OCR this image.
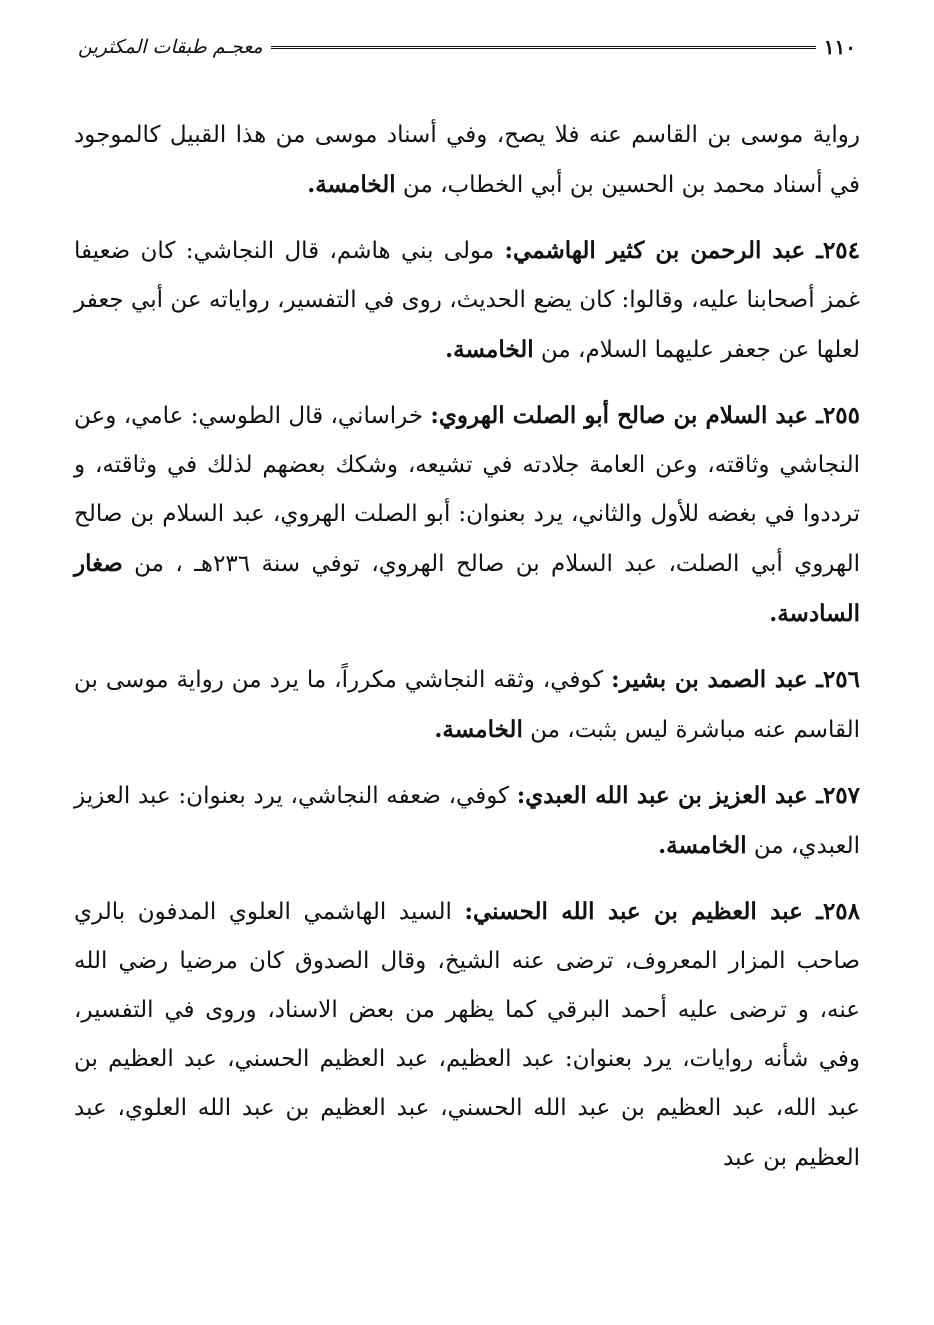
١١٠
معجـم طبقات المكثرين

رواية موسى بن القاسم عنه فلا يصح، وفي أسناد موسى من هذا القبيل كالموجود في أسناد محمد بن الحسين بن أبي الخطاب، من الخامسة.

٢٥٤ـ عبد الرحمن بن كثير الهاشمي: مولى بني هاشم، قال النجاشي: كان ضعيفا غمز أصحابنا عليه، وقالوا: كان يضع الحديث، روى في التفسير، رواياته عن أبي جعفر لعلها عن جعفر عليهما السلام، من الخامسة.

٢٥٥ـ عبد السلام بن صالح أبو الصلت الهروي: خراساني، قال الطوسي: عامي، وعن النجاشي وثاقته، وعن العامة جلادته في تشيعه، وشكك بعضهم لذلك في وثاقته، و ترددوا في بغضه للأول والثاني، يرد بعنوان: أبو الصلت الهروي، عبد السلام بن صالح الهروي أبي الصلت، عبد السلام بن صالح الهروي، توفي سنة ٢٣٦هـ ، من صغار السادسة.

٢٥٦ـ عبد الصمد بن بشير: كوفي، وثقه النجاشي مكرراً، ما يرد من رواية موسى بن القاسم عنه مباشرة ليس بثبت، من الخامسة.

٢٥٧ـ عبد العزيز بن عبد الله العبدي: كوفي، ضعفه النجاشي، يرد بعنوان: عبد العزيز العبدي، من الخامسة.

٢٥٨ـ عبد العظيم بن عبد الله الحسني: السيد الهاشمي العلوي المدفون بالري صاحب المزار المعروف، ترضى عنه الشيخ، وقال الصدوق كان مرضيا رضي الله عنه، و ترضى عليه أحمد البرقي كما يظهر من بعض الاسناد، وروى في التفسير، وفي شأنه روايات، يرد بعنوان: عبد العظيم، عبد العظيم الحسني، عبد العظيم بن عبد الله، عبد العظيم بن عبد الله الحسني، عبد العظيم بن عبد الله العلوي، عبد العظيم بن عبد
